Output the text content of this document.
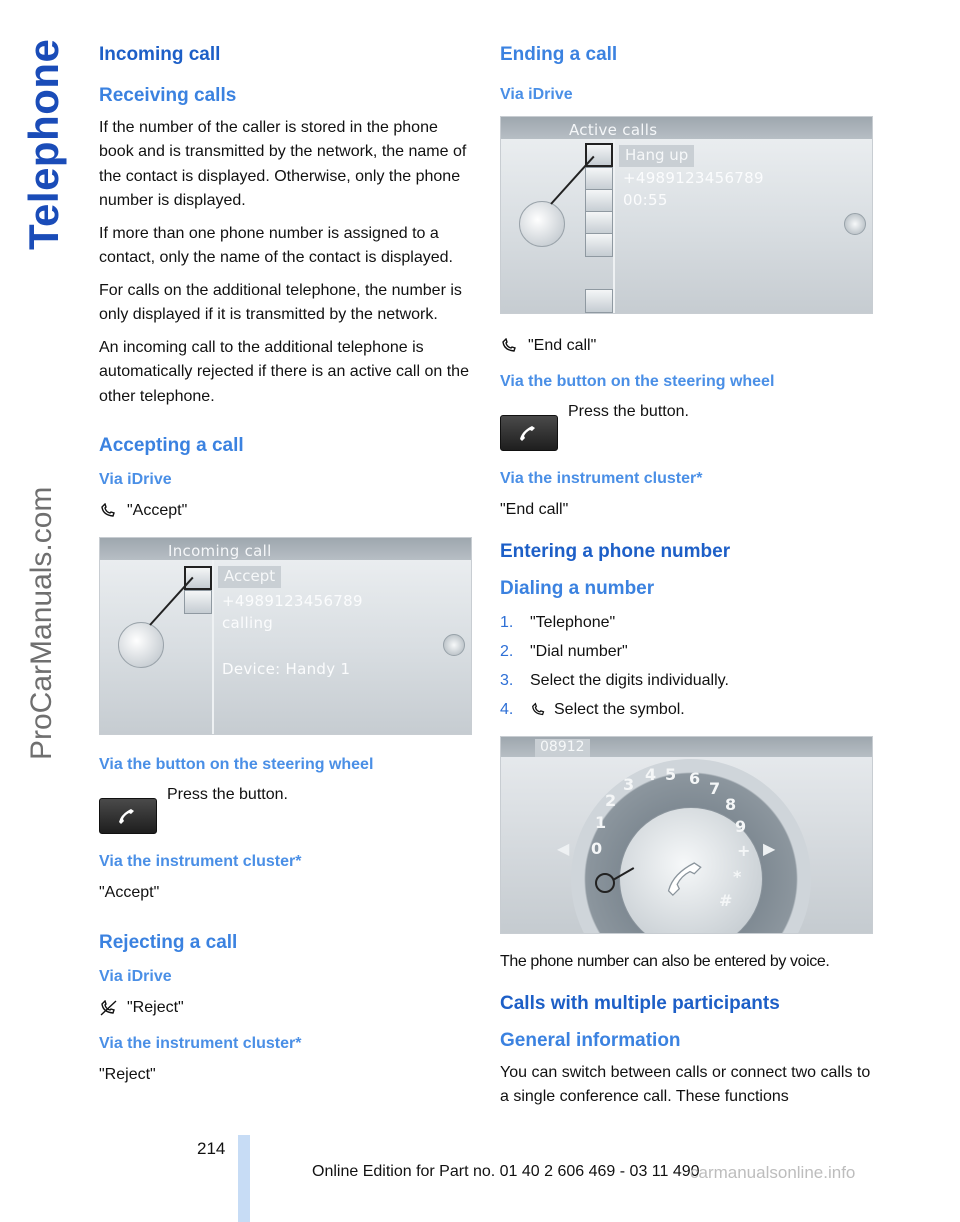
Telephone
ProCarManuals.com
Incoming call
Receiving calls

If the number of the caller is stored in the phone book and is transmitted by the network, the name of the contact is displayed. Otherwise, only the phone number is displayed.

If more than one phone number is assigned to a contact, only the name of the contact is displayed.

For calls on the additional telephone, the number is only displayed if it is transmitted by the network.

An incoming call to the additional telephone is automatically rejected if there is an active call on the other telephone.

Accepting a call
Via iDrive
"Accept"
Incoming call
Accept
+4989123456789
calling
Device: Handy 1
Via the button on the steering wheel
Press the button.
Via the instrument cluster*

"Accept"

Rejecting a call
Via iDrive
"Reject"
Via the instrument cluster*

"Reject"

Ending a call
Via iDrive
Active calls
Hang up
+4989123456789
00:55
"End call"
Via the button on the steering wheel
Press the button.
Via the instrument cluster*

"End call"

Entering a phone number
Dialing a number
1.	"Telephone"
2.	"Dial number"
3.	Select the digits individually.
4.	Select the symbol.
08912
◀	▶
0
1
2
3
4 5 6
7
8
9
+
*
#

The phone number can also be entered by voice.

Calls with multiple participants
General information

You can switch between calls or connect two calls to a single conference call. These functions

214
Online Edition for Part no. 01 40 2 606 469 - 03 11 490
carmanualsonline.info
